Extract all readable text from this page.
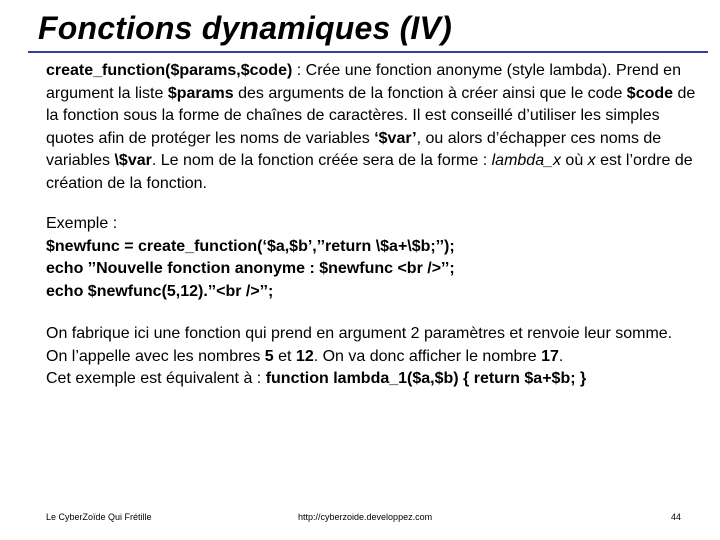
Fonctions dynamiques (IV)

create_function($params,$code) : Crée une fonction anonyme (style lambda). Prend en argument la liste $params des arguments de la fonction à créer ainsi que le code $code de la fonction sous la forme de chaînes de caractères. Il est conseillé d’utiliser les simples quotes afin de protéger les noms de variables ‘$var’, ou alors d’échapper ces noms de variables \$var. Le nom de la fonction créée sera de la forme : lambda_x où x est l’ordre de création de la fonction.

Exemple :
$newfunc = create_function(‘$a,$b’,’’return \$a+\$b;’’);
echo ’’Nouvelle fonction anonyme : $newfunc <br />’’;
echo $newfunc(5,12).’’<br />’’;

On fabrique ici une fonction qui prend en argument 2 paramètres et renvoie leur somme. On l’appelle avec les nombres 5 et 12. On va donc afficher le nombre 17.

Cet exemple est équivalent à : function lambda_1($a,$b) { return $a+$b; }

Le CyberZoïde Qui Frétille	http://cyberzoide.developpez.com	44
